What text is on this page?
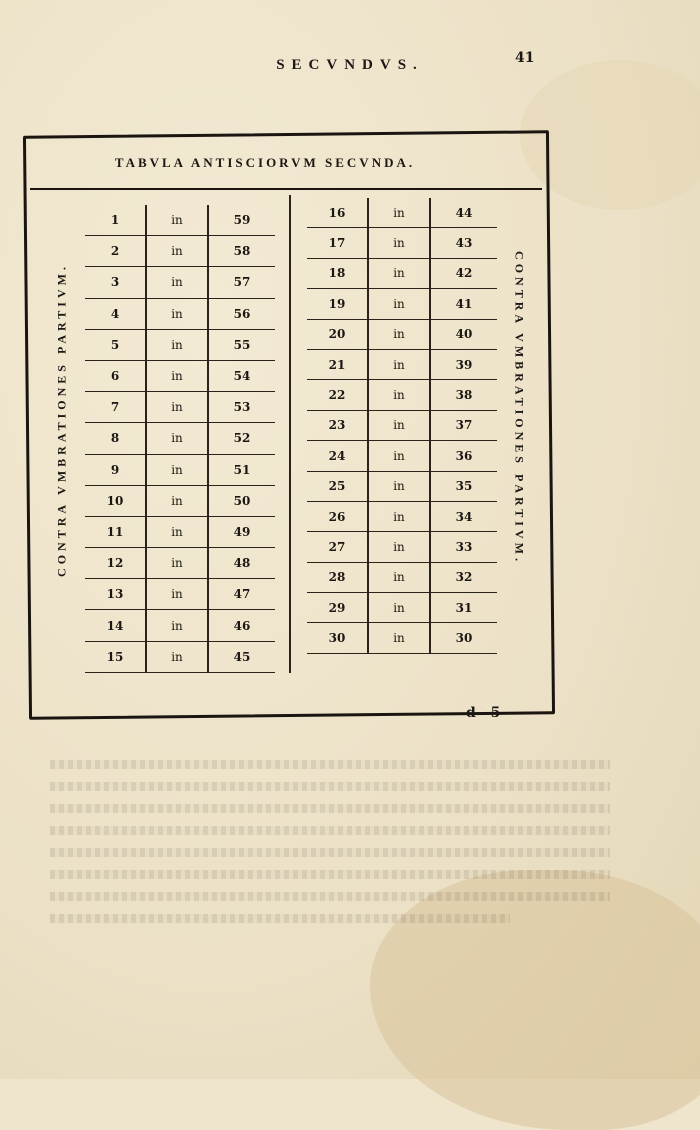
SECVNDVS.	41
TABVLA ANTISCIORVM SECVNDA.
CONTRA VMBRATIONES PARTIVM.	CONTRA VMBRATIONES PARTIVM.
1	in	59
2	in	58
3	in	57
4	in	56
5	in	55
6	in	54
7	in	53
8	in	52
9	in	51
10	in	50
11	in	49
12	in	48
13	in	47
14	in	46
15	in	45
16	in	44
17	in	43
18	in	42
19	in	41
20	in	40
21	in	39
22	in	38
23	in	37
24	in	36
25	in	35
26	in	34
27	in	33
28	in	32
29	in	31
30	in	30
d 5
